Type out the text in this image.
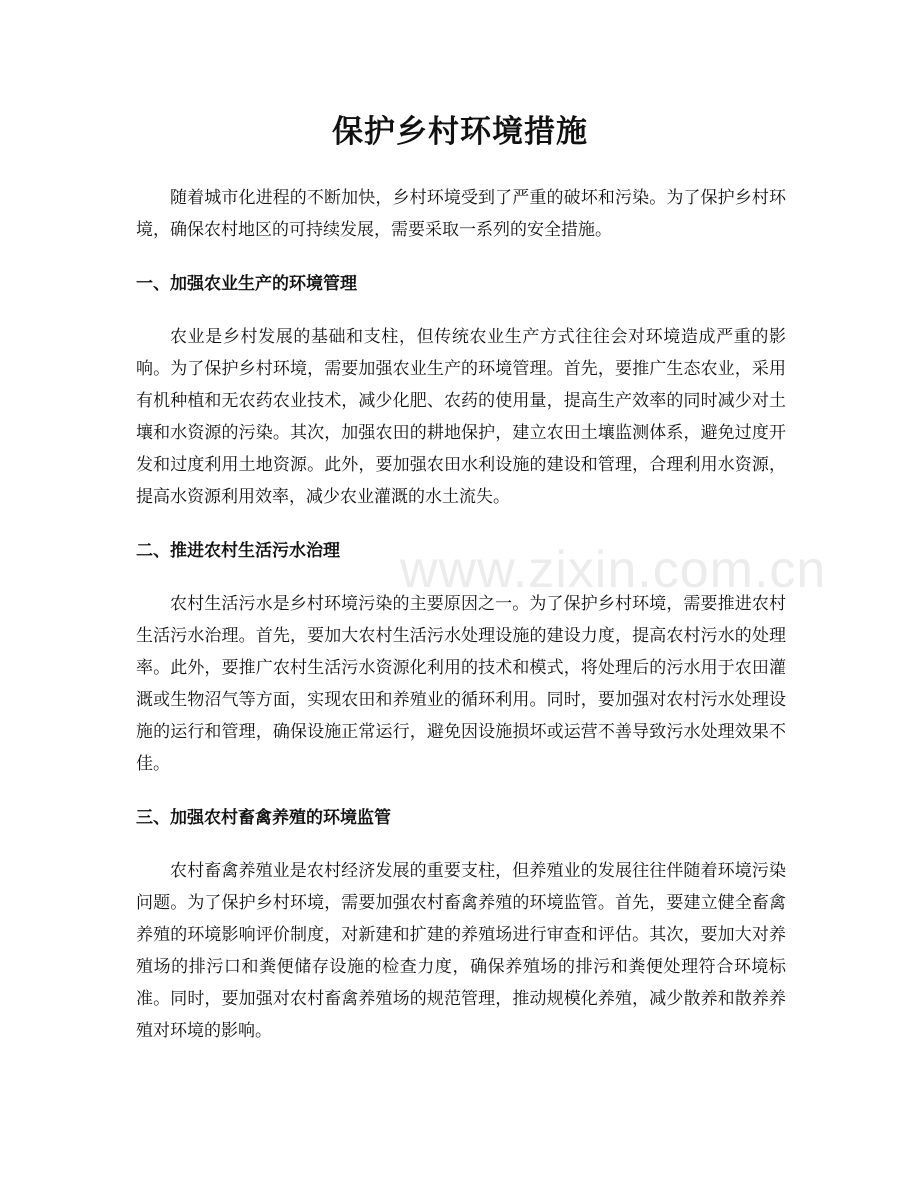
保护乡村环境措施

随着城市化进程的不断加快，乡村环境受到了严重的破坏和污染。为了保护乡村环境，确保农村地区的可持续发展，需要采取一系列的安全措施。

一、加强农业生产的环境管理

农业是乡村发展的基础和支柱，但传统农业生产方式往往会对环境造成严重的影响。为了保护乡村环境，需要加强农业生产的环境管理。首先，要推广生态农业，采用有机种植和无农药农业技术，减少化肥、农药的使用量，提高生产效率的同时减少对土壤和水资源的污染。其次，加强农田的耕地保护，建立农田土壤监测体系，避免过度开发和过度利用土地资源。此外，要加强农田水利设施的建设和管理，合理利用水资源，提高水资源利用效率，减少农业灌溉的水土流失。

二、推进农村生活污水治理

农村生活污水是乡村环境污染的主要原因之一。为了保护乡村环境，需要推进农村生活污水治理。首先，要加大农村生活污水处理设施的建设力度，提高农村污水的处理率。此外，要推广农村生活污水资源化利用的技术和模式，将处理后的污水用于农田灌溉或生物沼气等方面，实现农田和养殖业的循环利用。同时，要加强对农村污水处理设施的运行和管理，确保设施正常运行，避免因设施损坏或运营不善导致污水处理效果不佳。

三、加强农村畜禽养殖的环境监管

农村畜禽养殖业是农村经济发展的重要支柱，但养殖业的发展往往伴随着环境污染问题。为了保护乡村环境，需要加强农村畜禽养殖的环境监管。首先，要建立健全畜禽养殖的环境影响评价制度，对新建和扩建的养殖场进行审查和评估。其次，要加大对养殖场的排污口和粪便储存设施的检查力度，确保养殖场的排污和粪便处理符合环境标准。同时，要加强对农村畜禽养殖场的规范管理，推动规模化养殖，减少散养和散养养殖对环境的影响。

www.zixin.com.cn
